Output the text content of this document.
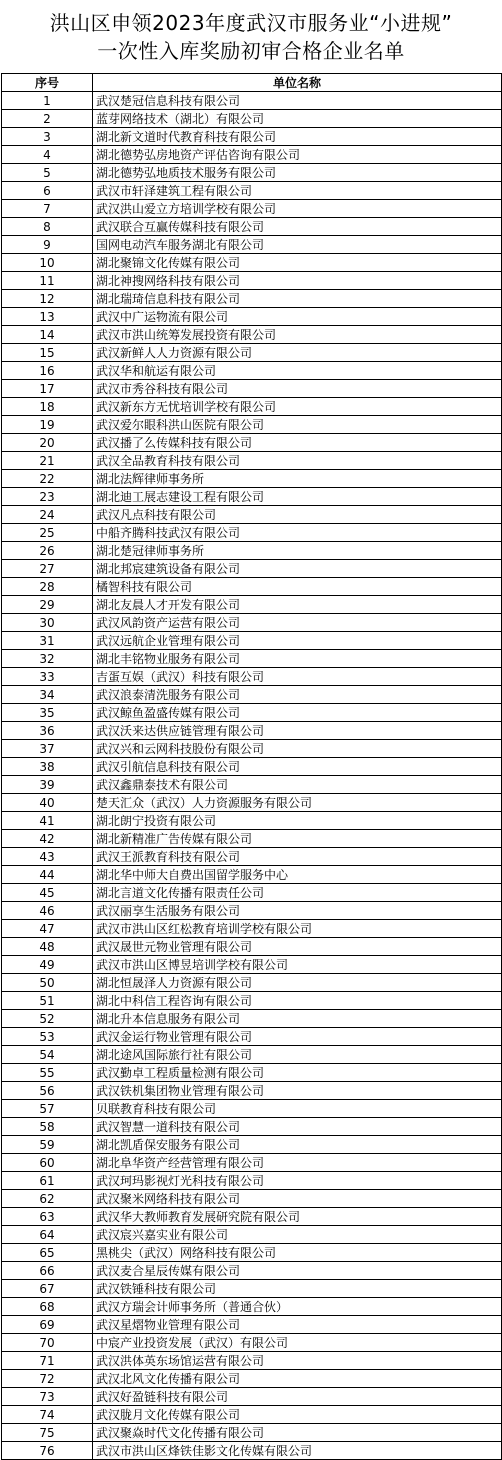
洪山区申领2023年度武汉市服务业“小进规”
一次性入库奖励初审合格企业名单
序号	单位名称
1	武汉楚冠信息科技有限公司
2	蓝芽网络技术（湖北）有限公司
3	湖北新文道时代教育科技有限公司
4	湖北德势弘房地资产评估咨询有限公司
5	湖北德势弘地质技术服务有限公司
6	武汉市轩泽建筑工程有限公司
7	武汉洪山爱立方培训学校有限公司
8	武汉联合互赢传媒科技有限公司
9	国网电动汽车服务湖北有限公司
10	湖北聚锦文化传媒有限公司
11	湖北神搜网络科技有限公司
12	湖北瑞琦信息科技有限公司
13	武汉中广运物流有限公司
14	武汉市洪山统筹发展投资有限公司
15	武汉新鲜人人力资源有限公司
16	武汉华和航运有限公司
17	武汉市秀谷科技有限公司
18	武汉新东方无忧培训学校有限公司
19	武汉爱尔眼科洪山医院有限公司
20	武汉播了么传媒科技有限公司
21	武汉全品教育科技有限公司
22	湖北法辉律师事务所
23	湖北迪工展志建设工程有限公司
24	武汉凡点科技有限公司
25	中船齐腾科技武汉有限公司
26	湖北楚冠律师事务所
27	湖北邦宸建筑设备有限公司
28	橘智科技有限公司
29	湖北友晨人才开发有限公司
30	武汉风韵资产运营有限公司
31	武汉远航企业管理有限公司
32	湖北丰铭物业服务有限公司
33	吉蛋互娱（武汉）科技有限公司
34	武汉浪泰清洗服务有限公司
35	武汉鲸鱼盈盛传媒有限公司
36	武汉沃来达供应链管理有限公司
37	武汉兴和云网科技股份有限公司
38	武汉引航信息科技有限公司
39	武汉鑫鼎泰技术有限公司
40	楚天汇众（武汉）人力资源服务有限公司
41	湖北朗宁投资有限公司
42	湖北新精准广告传媒有限公司
43	武汉王派教育科技有限公司
44	湖北华中师大自费出国留学服务中心
45	湖北言道文化传播有限责任公司
46	武汉丽享生活服务有限公司
47	武汉市洪山区红松教育培训学校有限公司
48	武汉晟世元物业管理有限公司
49	武汉市洪山区博昱培训学校有限公司
50	湖北恒晟泽人力资源有限公司
51	湖北中科信工程咨询有限公司
52	湖北升本信息服务有限公司
53	武汉金运行物业管理有限公司
54	湖北途风国际旅行社有限公司
55	武汉勤卓工程质量检测有限公司
56	武汉铁机集团物业管理有限公司
57	贝联教育科技有限公司
58	武汉智慧一道科技有限公司
59	湖北凯盾保安服务有限公司
60	湖北阜华资产经营管理有限公司
61	武汉珂玛影视灯光科技有限公司
62	武汉聚米网络科技有限公司
63	武汉华大教师教育发展研究院有限公司
64	武汉宸兴嘉实业有限公司
65	黑桃尖（武汉）网络科技有限公司
66	武汉麦合星辰传媒有限公司
67	武汉铁锤科技有限公司
68	武汉方瑞会计师事务所（普通合伙）
69	武汉星熠物业管理有限公司
70	中宸产业投资发展（武汉）有限公司
71	武汉洪体英东场馆运营有限公司
72	武汉北风文化传播有限公司
73	武汉好盈链科技有限公司
74	武汉胧月文化传媒有限公司
75	武汉聚焱时代文化传播有限公司
76	武汉市洪山区烽铁佳影文化传媒有限公司
